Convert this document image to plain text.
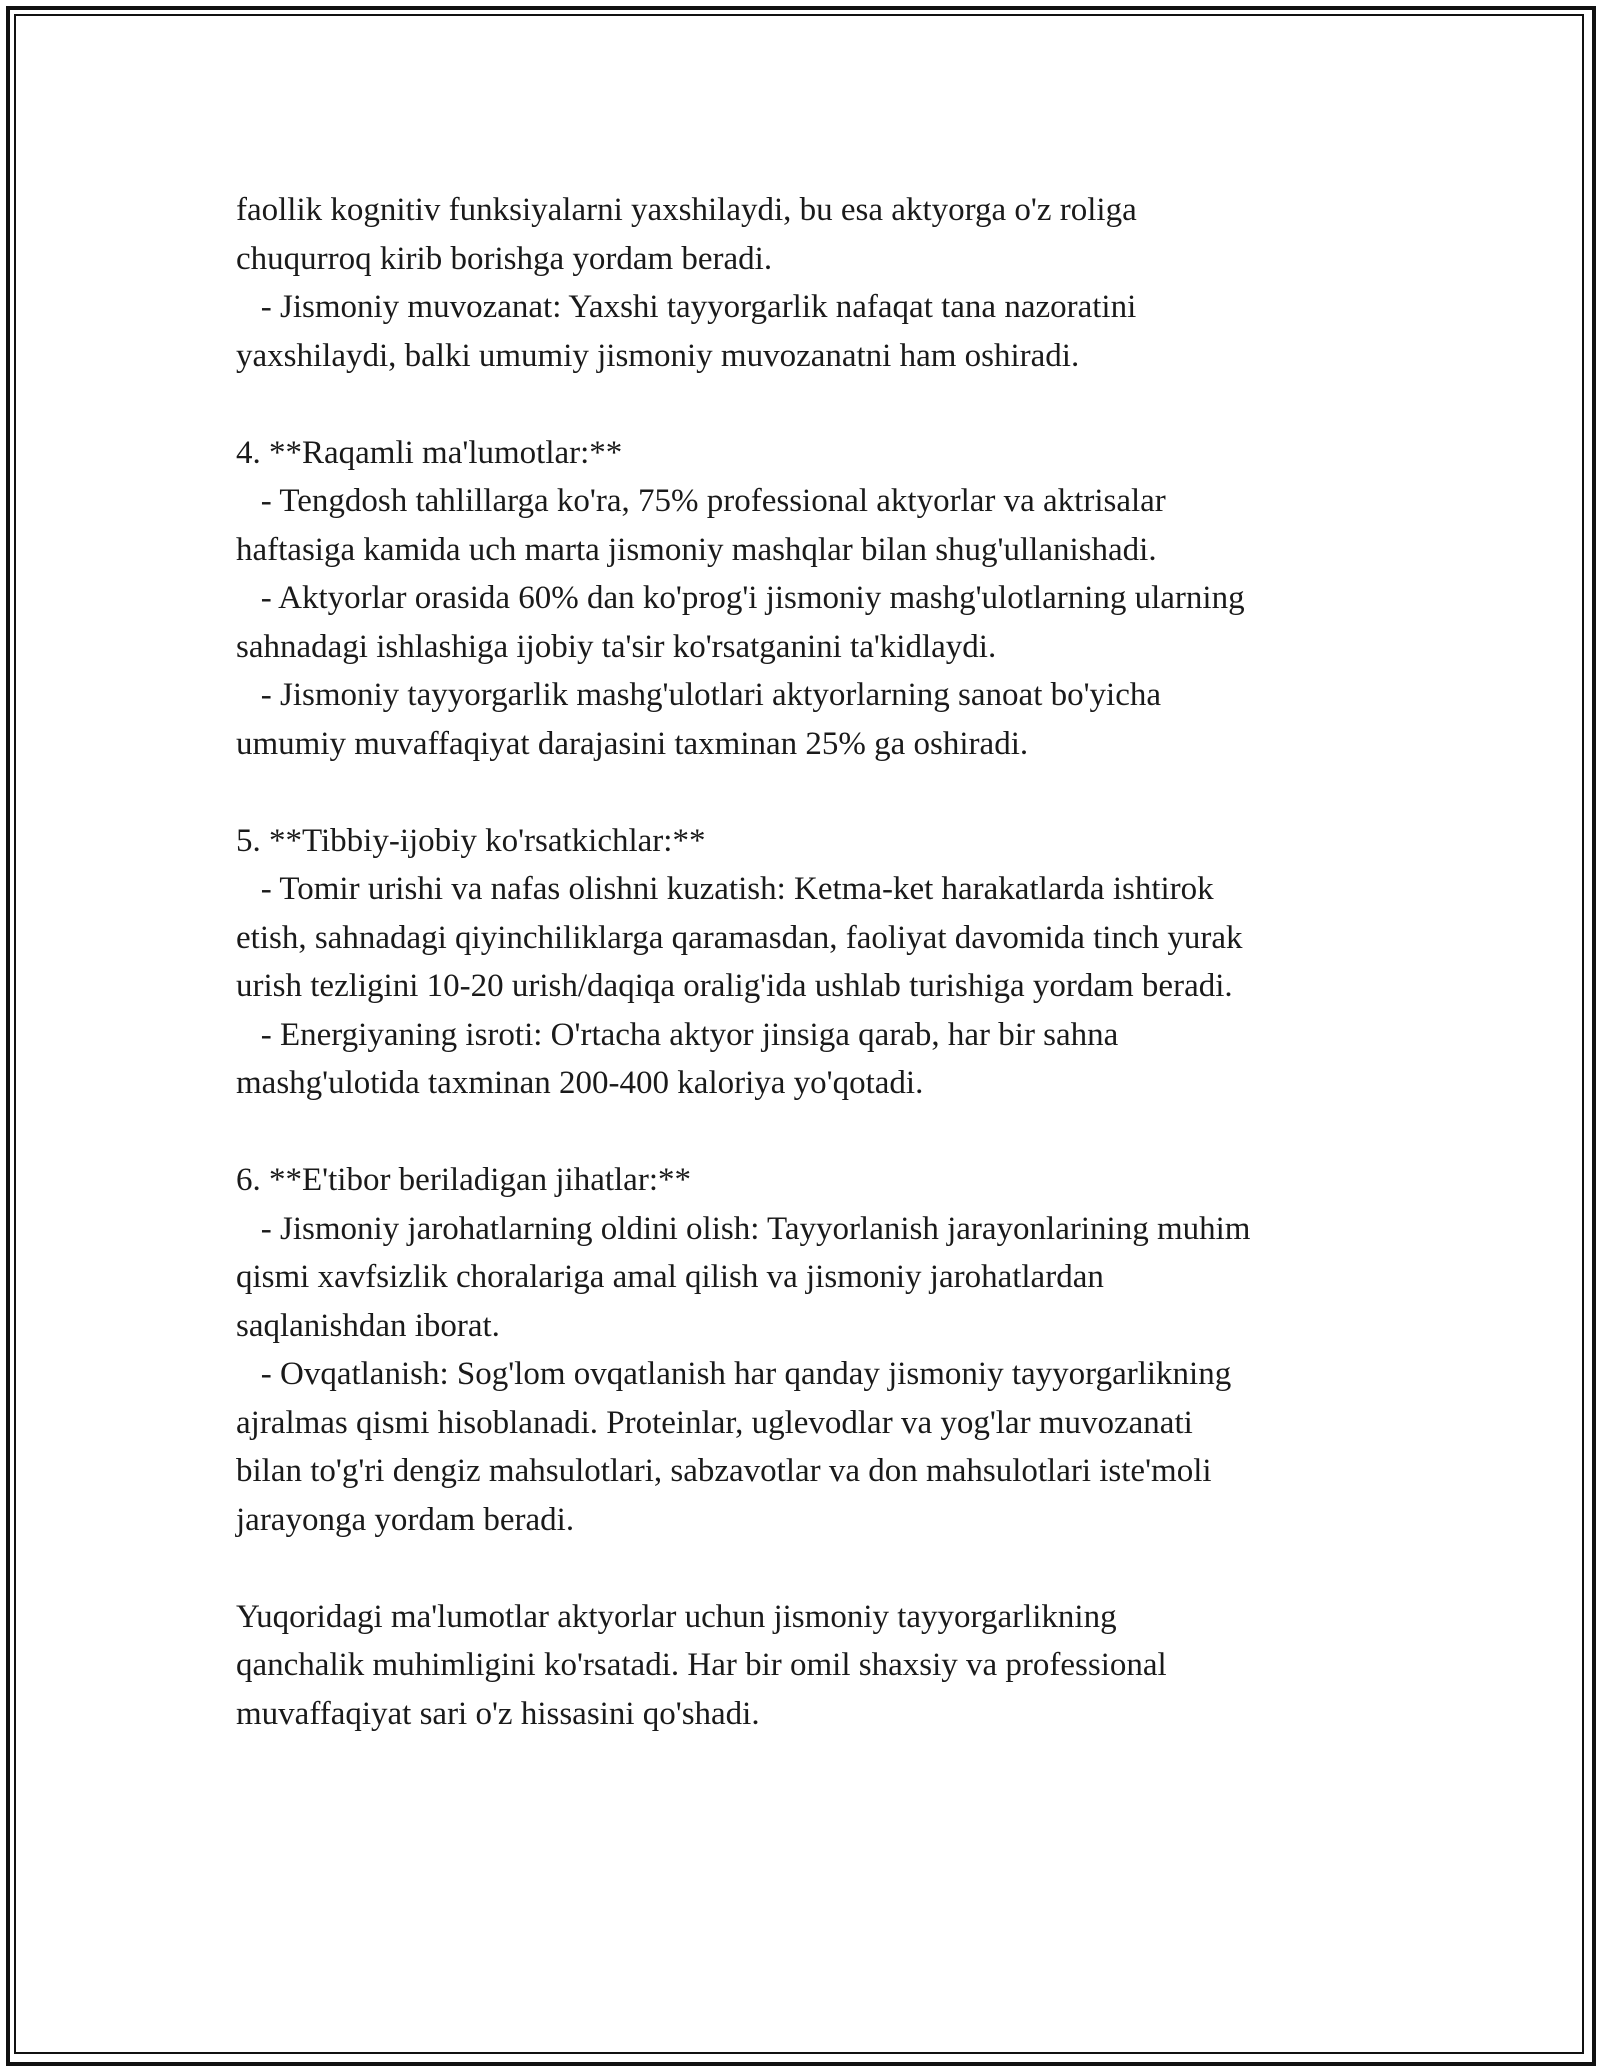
faollik kognitiv funksiyalarni yaxshilaydi, bu esa aktyorga o'z roliga
chuqurroq kirib borishga yordam beradi.
- Jismoniy muvozanat: Yaxshi tayyorgarlik nafaqat tana nazoratini
yaxshilaydi, balki umumiy jismoniy muvozanatni ham oshiradi.
4. **Raqamli ma'lumotlar:**
- Tengdosh tahlillarga ko'ra, 75% professional aktyorlar va aktrisalar
haftasiga kamida uch marta jismoniy mashqlar bilan shug'ullanishadi.
- Aktyorlar orasida 60% dan ko'prog'i jismoniy mashg'ulotlarning ularning
sahnadagi ishlashiga ijobiy ta'sir ko'rsatganini ta'kidlaydi.
- Jismoniy tayyorgarlik mashg'ulotlari aktyorlarning sanoat bo'yicha
umumiy muvaffaqiyat darajasini taxminan 25% ga oshiradi.
5. **Tibbiy-ijobiy ko'rsatkichlar:**
- Tomir urishi va nafas olishni kuzatish: Ketma-ket harakatlarda ishtirok
etish, sahnadagi qiyinchiliklarga qaramasdan, faoliyat davomida tinch yurak
urish tezligini 10-20 urish/daqiqa oralig'ida ushlab turishiga yordam beradi.
- Energiyaning isroti: O'rtacha aktyor jinsiga qarab, har bir sahna
mashg'ulotida taxminan 200-400 kaloriya yo'qotadi.
6. **E'tibor beriladigan jihatlar:**
- Jismoniy jarohatlarning oldini olish: Tayyorlanish jarayonlarining muhim
qismi xavfsizlik choralariga amal qilish va jismoniy jarohatlardan
saqlanishdan iborat.
- Ovqatlanish: Sog'lom ovqatlanish har qanday jismoniy tayyorgarlikning
ajralmas qismi hisoblanadi. Proteinlar, uglevodlar va yog'lar muvozanati
bilan to'g'ri dengiz mahsulotlari, sabzavotlar va don mahsulotlari iste'moli
jarayonga yordam beradi.
Yuqoridagi ma'lumotlar aktyorlar uchun jismoniy tayyorgarlikning
qanchalik muhimligini ko'rsatadi. Har bir omil shaxsiy va professional
muvaffaqiyat sari o'z hissasini qo'shadi.
